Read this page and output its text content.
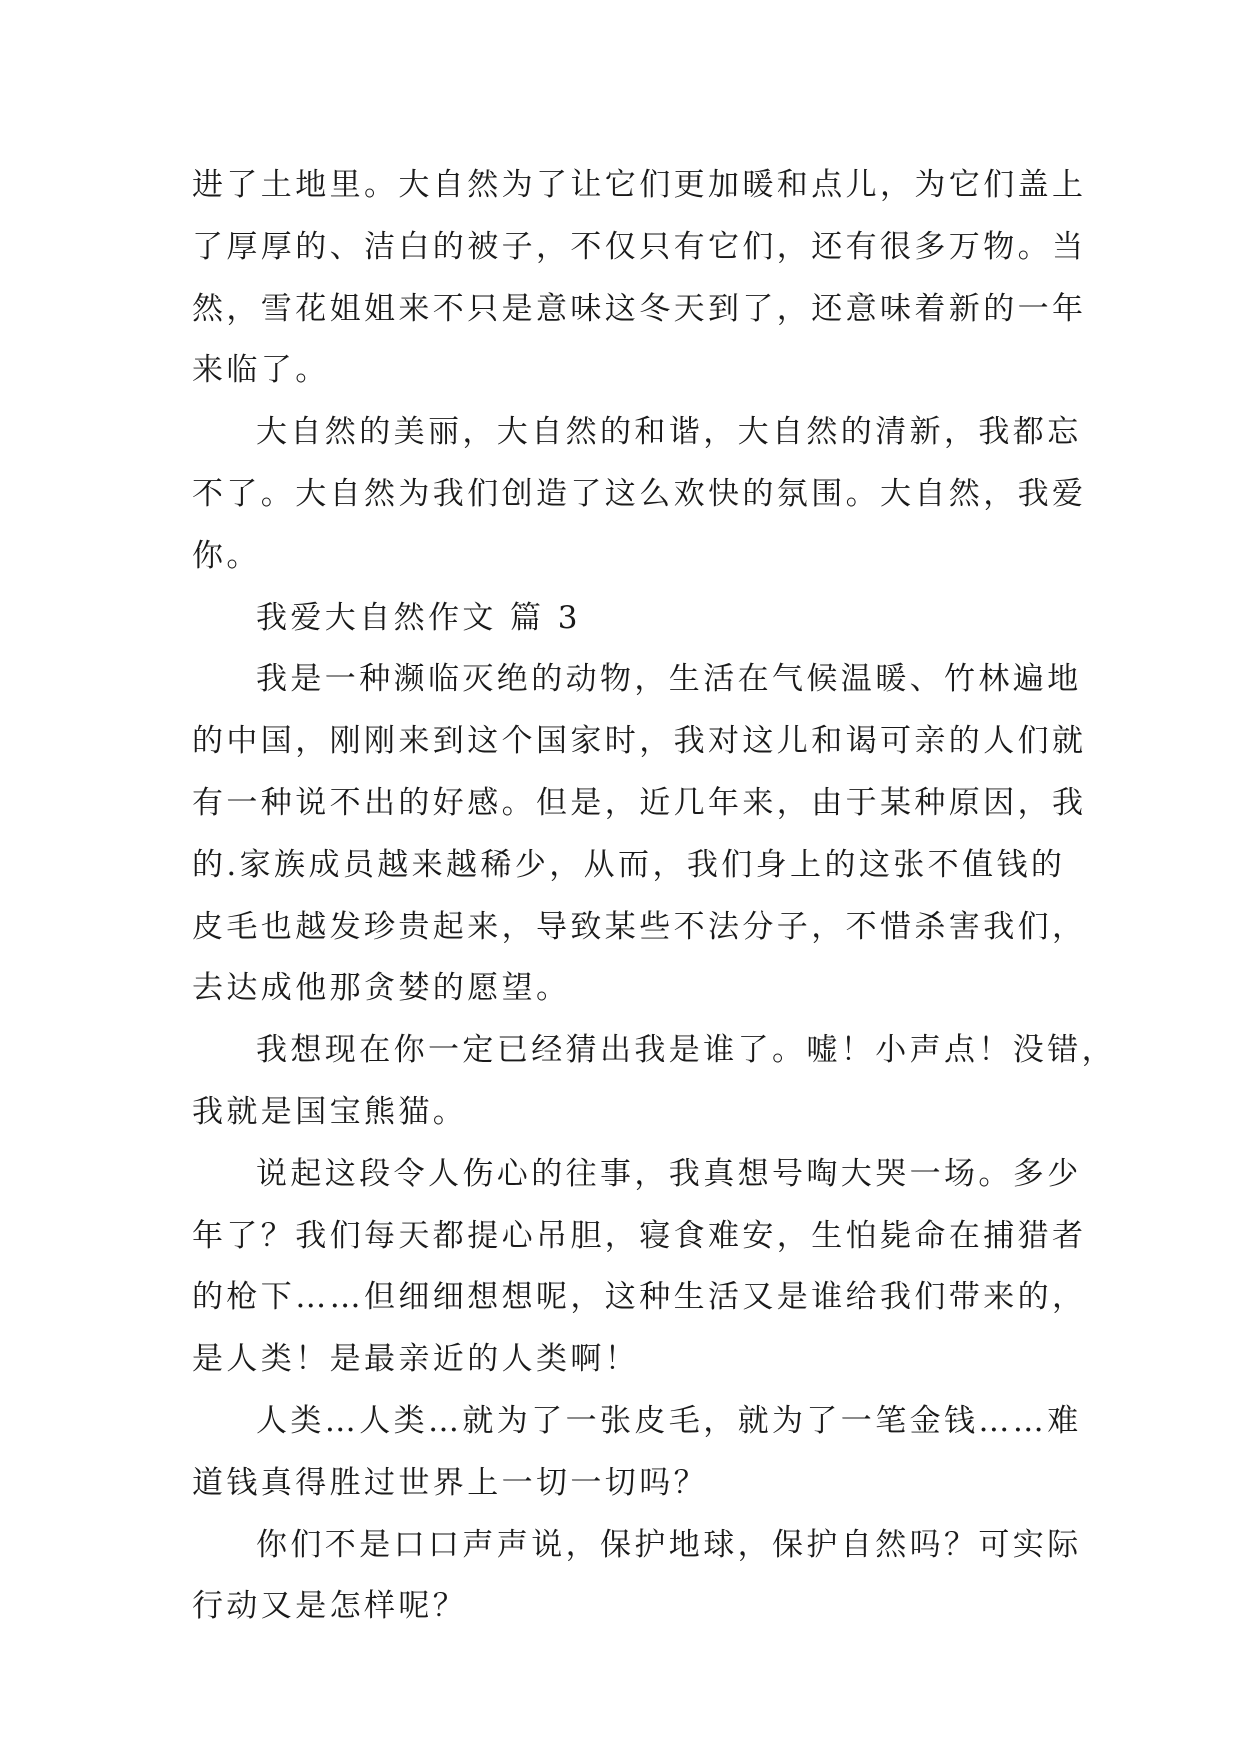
进了土地里。大自然为了让它们更加暖和点儿，为它们盖上
了厚厚的、洁白的被子，不仅只有它们，还有很多万物。当
然，雪花姐姐来不只是意味这冬天到了，还意味着新的一年
来临了。
大自然的美丽，大自然的和谐，大自然的清新，我都忘
不了。大自然为我们创造了这么欢快的氛围。大自然，我爱
你。
我爱大自然作文 篇 3
我是一种濒临灭绝的动物，生活在气候温暖、竹林遍地
的中国，刚刚来到这个国家时，我对这儿和谒可亲的人们就
有一种说不出的好感。但是，近几年来，由于某种原因，我
的.家族成员越来越稀少，从而，我们身上的这张不值钱的
皮毛也越发珍贵起来，导致某些不法分子，不惜杀害我们，
去达成他那贪婪的愿望。
我想现在你一定已经猜出我是谁了。嘘！小声点！没错，
我就是国宝熊猫。
说起这段令人伤心的往事，我真想号啕大哭一场。多少
年了？我们每天都提心吊胆，寝食难安，生怕毙命在捕猎者
的枪下……但细细想想呢，这种生活又是谁给我们带来的，
是人类！是最亲近的人类啊！
人类…人类…就为了一张皮毛，就为了一笔金钱……难
道钱真得胜过世界上一切一切吗？
你们不是口口声声说，保护地球，保护自然吗？可实际
行动又是怎样呢？
